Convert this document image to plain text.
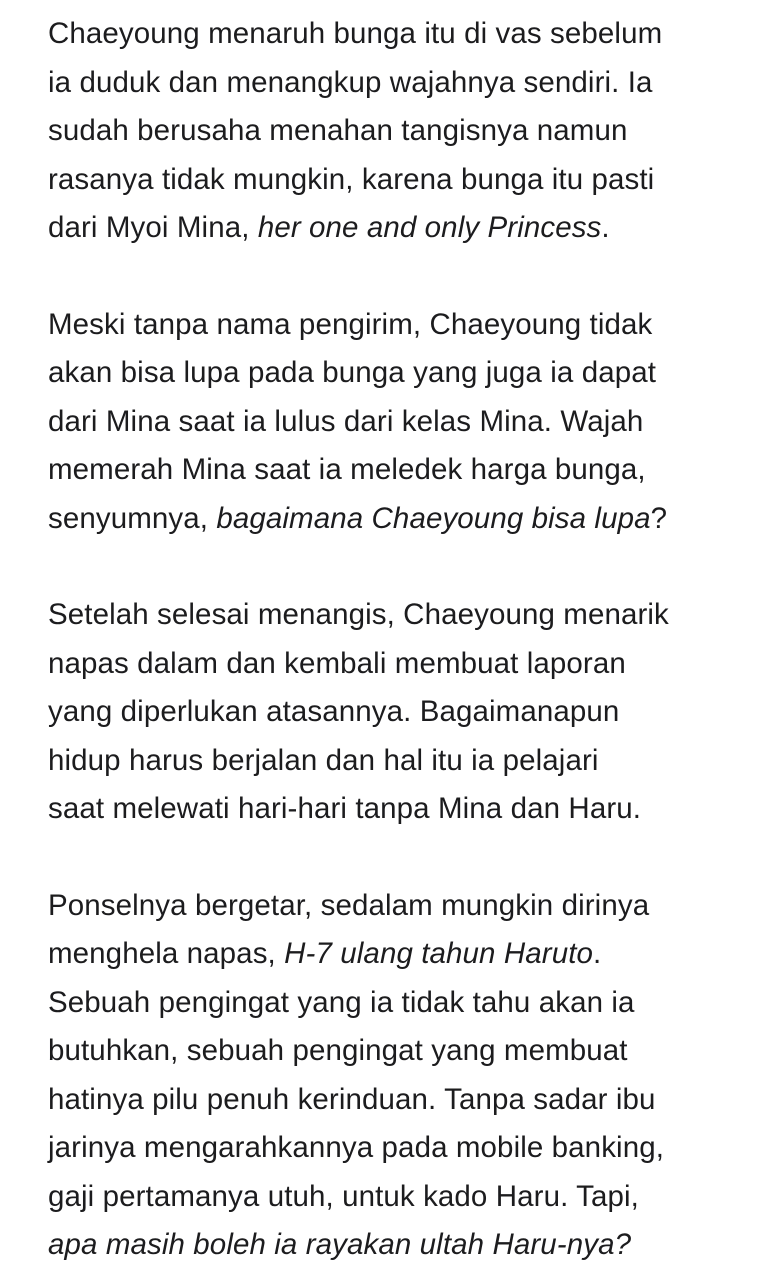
Chaeyoung menaruh bunga itu di vas sebelum
ia duduk dan menangkup wajahnya sendiri. Ia
sudah berusaha menahan tangisnya namun
rasanya tidak mungkin, karena bunga itu pasti
dari Myoi Mina, her one and only Princess.

Meski tanpa nama pengirim, Chaeyoung tidak
akan bisa lupa pada bunga yang juga ia dapat
dari Mina saat ia lulus dari kelas Mina. Wajah
memerah Mina saat ia meledek harga bunga,
senyumnya, bagaimana Chaeyoung bisa lupa?

Setelah selesai menangis, Chaeyoung menarik
napas dalam dan kembali membuat laporan
yang diperlukan atasannya. Bagaimanapun
hidup harus berjalan dan hal itu ia pelajari
saat melewati hari-hari tanpa Mina dan Haru.

Ponselnya bergetar, sedalam mungkin dirinya
menghela napas, H-7 ulang tahun Haruto.
Sebuah pengingat yang ia tidak tahu akan ia
butuhkan, sebuah pengingat yang membuat
hatinya pilu penuh kerinduan. Tanpa sadar ibu
jarinya mengarahkannya pada mobile banking,
gaji pertamanya utuh, untuk kado Haru. Tapi,
apa masih boleh ia rayakan ultah Haru-nya?
